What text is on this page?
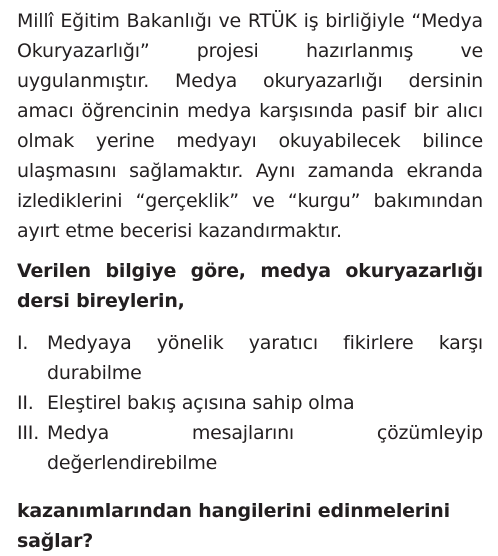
Millî Eğitim Bakanlığı ve RTÜK iş birliğiyle “Medya Okuryazarlığı” projesi hazırlanmış ve uygulanmıştır. Medya okuryazarlığı dersinin amacı öğrencinin medya karşısında pasif bir alıcı olmak yerine medyayı okuyabilecek bilince ulaşmasını sağlamaktır. Aynı zamanda ekranda izlediklerini “gerçeklik” ve “kurgu” bakımından ayırt etme becerisi kazandırmaktır.

Verilen bilgiye göre, medya okuryazarlığı dersi bireylerin,

I. Medyaya yönelik yaratıcı fikirlere karşı durabilme
II. Eleştirel bakış açısına sahip olma
III. Medya mesajlarını çözümleyip değerlendirebilme

kazanımlarından hangilerini edinmelerini sağlar?
